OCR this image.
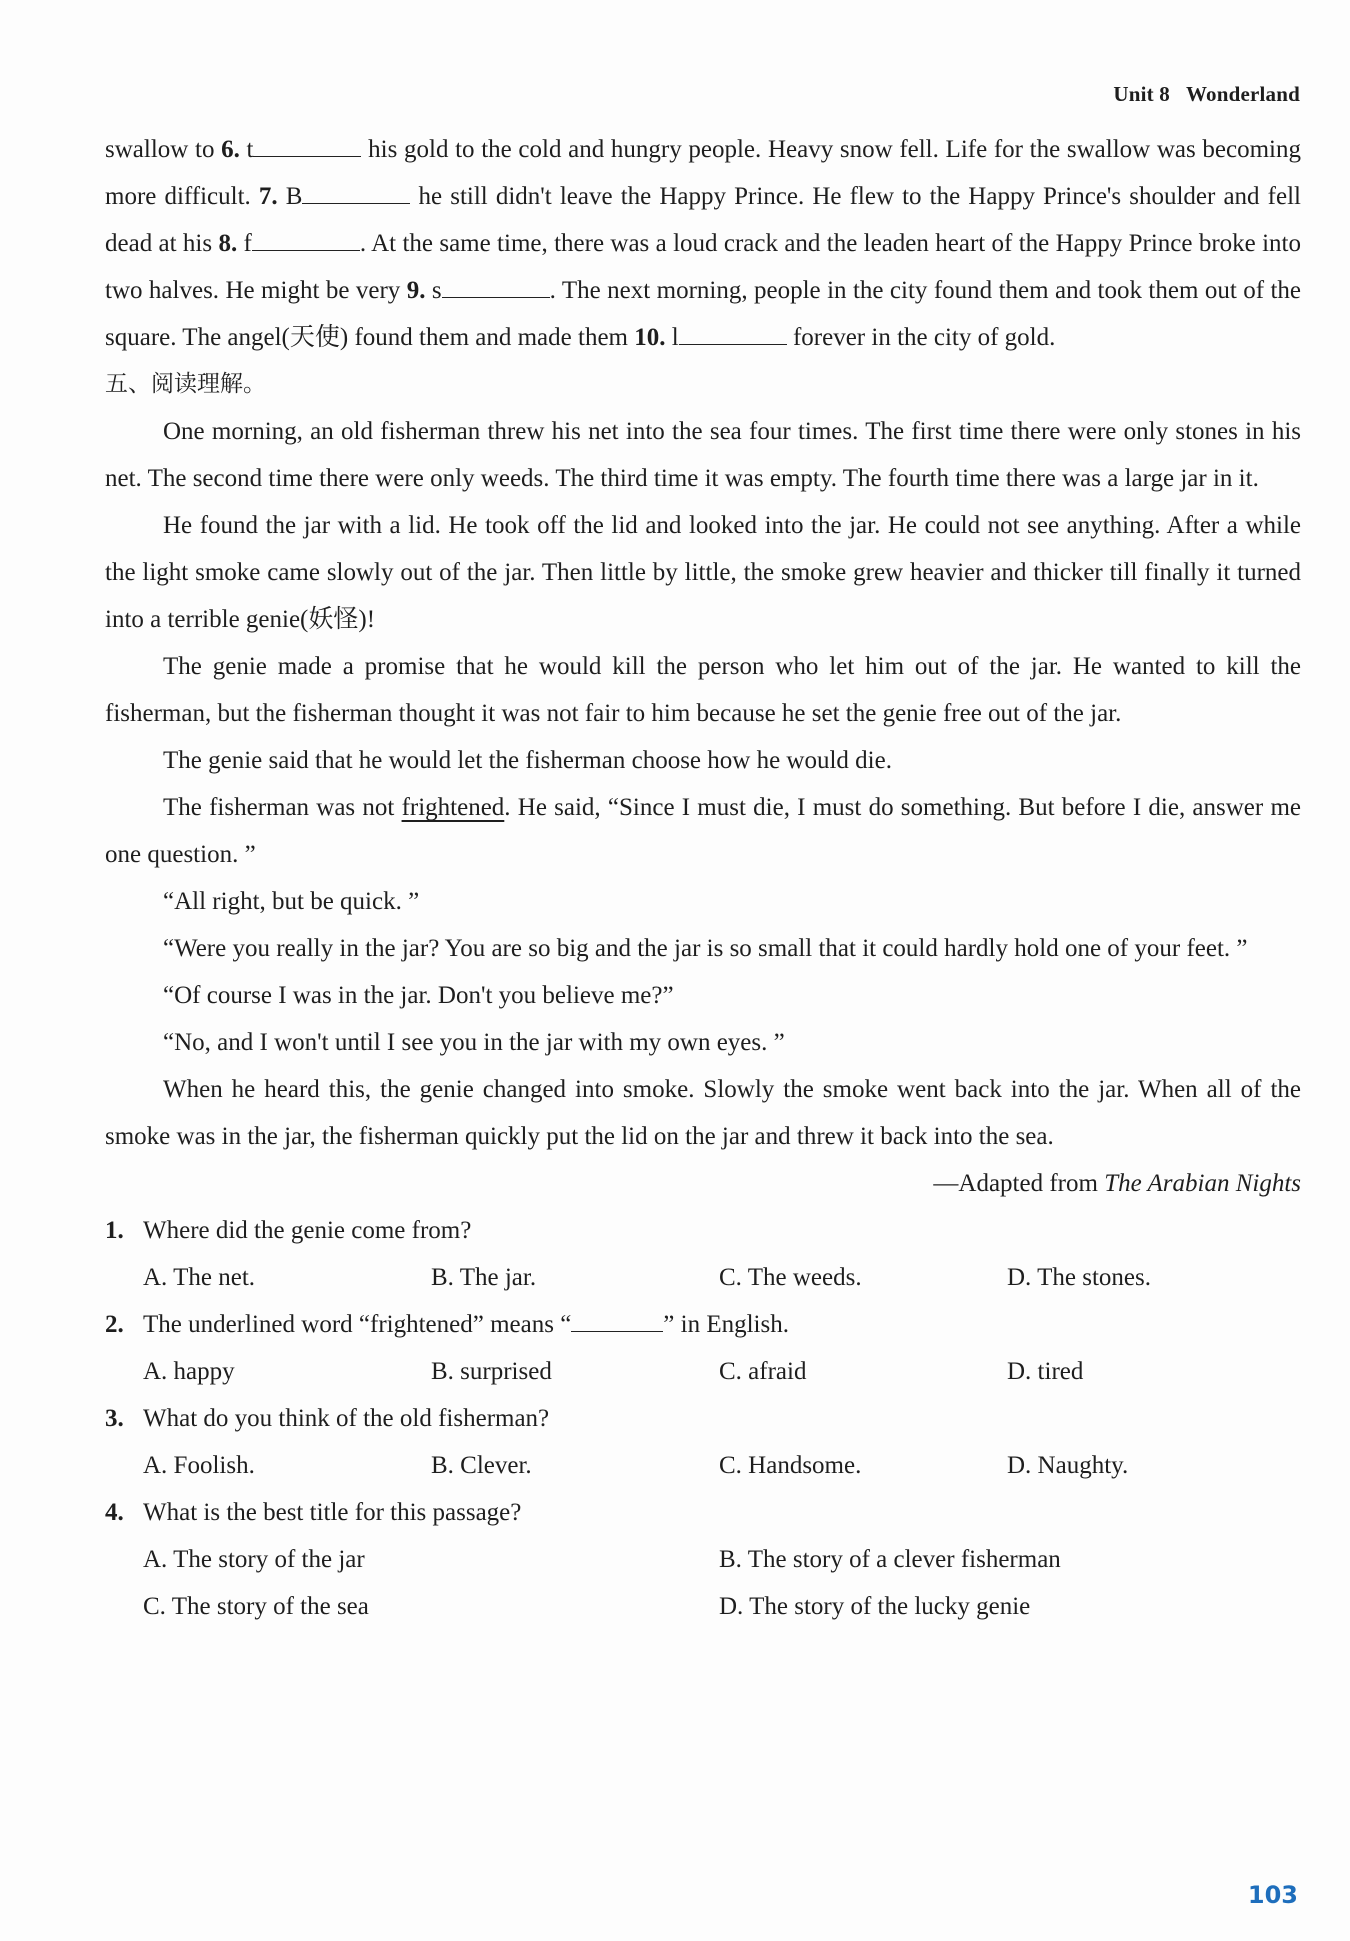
Unit 8 Wonderland

swallow to 6. t	his gold to the cold and hungry people. Heavy snow fell. Life for the swallow was becoming more difficult. 7. B	he still didn't leave the Happy Prince. He flew to the Happy Prince's shoulder and fell dead at his 8. f	. At the same time, there was a loud crack and the leaden heart of the Happy Prince broke into two halves. He might be very 9. s	. The next morning, people in the city found them and took them out of the square. The angel(天使) found them and made them 10. l	forever in the city of gold.

五、阅读理解。

One morning, an old fisherman threw his net into the sea four times. The first time there were only stones in his net. The second time there were only weeds. The third time it was empty. The fourth time there was a large jar in it.

He found the jar with a lid. He took off the lid and looked into the jar. He could not see anything. After a while the light smoke came slowly out of the jar. Then little by little, the smoke grew heavier and thicker till finally it turned into a terrible genie(妖怪)!

The genie made a promise that he would kill the person who let him out of the jar. He wanted to kill the fisherman, but the fisherman thought it was not fair to him because he set the genie free out of the jar.

The genie said that he would let the fisherman choose how he would die.

The fisherman was not frightened. He said, “Since I must die, I must do something. But before I die, answer me one question. ”

“All right, but be quick. ”

“Were you really in the jar? You are so big and the jar is so small that it could hardly hold one of your feet. ”

“Of course I was in the jar. Don't you believe me?”

“No, and I won't until I see you in the jar with my own eyes. ”

When he heard this, the genie changed into smoke. Slowly the smoke went back into the jar. When all of the smoke was in the jar, the fisherman quickly put the lid on the jar and threw it back into the sea.

—Adapted from The Arabian Nights

1. Where did the genie come from?
A. The net.	B. The jar.	C. The weeds.	D. The stones.
2. The underlined word “frightened” means “	” in English.
A. happy	B. surprised	C. afraid	D. tired
3. What do you think of the old fisherman?
A. Foolish.	B. Clever.	C. Handsome.	D. Naughty.
4. What is the best title for this passage?
A. The story of the jar	B. The story of a clever fisherman
C. The story of the sea	D. The story of the lucky genie
103
